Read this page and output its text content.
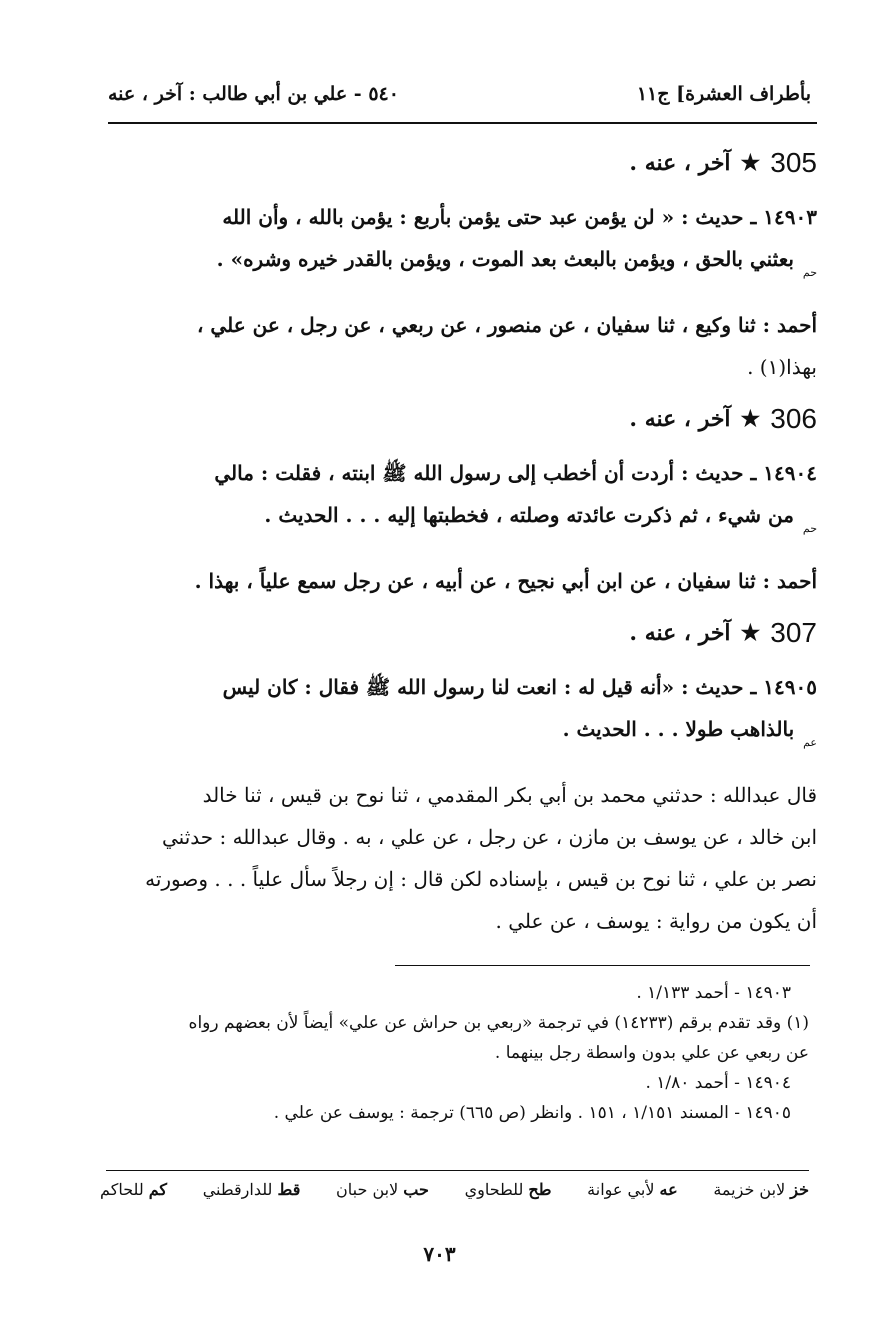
بأطراف العشرة] ج١١
٥٤٠ - علي بن أبي طالب : آخر ، عنه
305
★
آخر ، عنه .

١٤٩٠٣ ـ حديث : « لن يؤمن عبد حتى يؤمن بأربع : يؤمن بالله ، وأن الله

حم بعثني بالحق ، ويؤمن بالبعث بعد الموت ، ويؤمن بالقدر خيره وشره» .

أحمد : ثنا وكيع ، ثنا سفيان ، عن منصور ، عن ربعي ، عن رجل ، عن علي ،
بهذا(١) .
306
★
آخر ، عنه .

١٤٩٠٤ ـ حديث : أردت أن أخطب إلى رسول الله ﷺ ابنته ، فقلت : مالي

حم من شيء ، ثم ذكرت عائدته وصلته ، فخطبتها إليه . . . الحديث .

أحمد : ثنا سفيان ، عن ابن أبي نجيح ، عن أبيه ، عن رجل سمع علياً ، بهذا .
307
★
آخر ، عنه .

١٤٩٠٥ ـ حديث : «أنه قيل له : انعت لنا رسول الله ﷺ فقال : كان ليس

عم بالذاهب طولا . . . الحديث .

قال عبدالله : حدثني محمد بن أبي بكر المقدمي ، ثنا نوح بن قيس ، ثنا خالد
ابن خالد ، عن يوسف بن مازن ، عن رجل ، عن علي ، به . وقال عبدالله : حدثني
نصر بن علي ، ثنا نوح بن قيس ، بإسناده لكن قال : إن رجلاً سأل علياً . . . وصورته
أن يكون من رواية : يوسف ، عن علي .

١٤٩٠٣ - أحمد ١/١٣٣ .

(١) وقد تقدم برقم (١٤٢٣٣) في ترجمة «ربعي بن حراش عن علي» أيضاً لأن بعضهم رواه

عن ربعي عن علي بدون واسطة رجل بينهما .

١٤٩٠٤ - أحمد ١/٨٠ .

١٤٩٠٥ - المسند ١/١٥١ ، ١٥١ . وانظر (ص ٦٦٥) ترجمة : يوسف عن علي .

خز لابن خزيمة
عه لأبي عوانة
طح للطحاوي
حب لابن حبان
قط للدارقطني
كم للحاكم
٧٠٣
